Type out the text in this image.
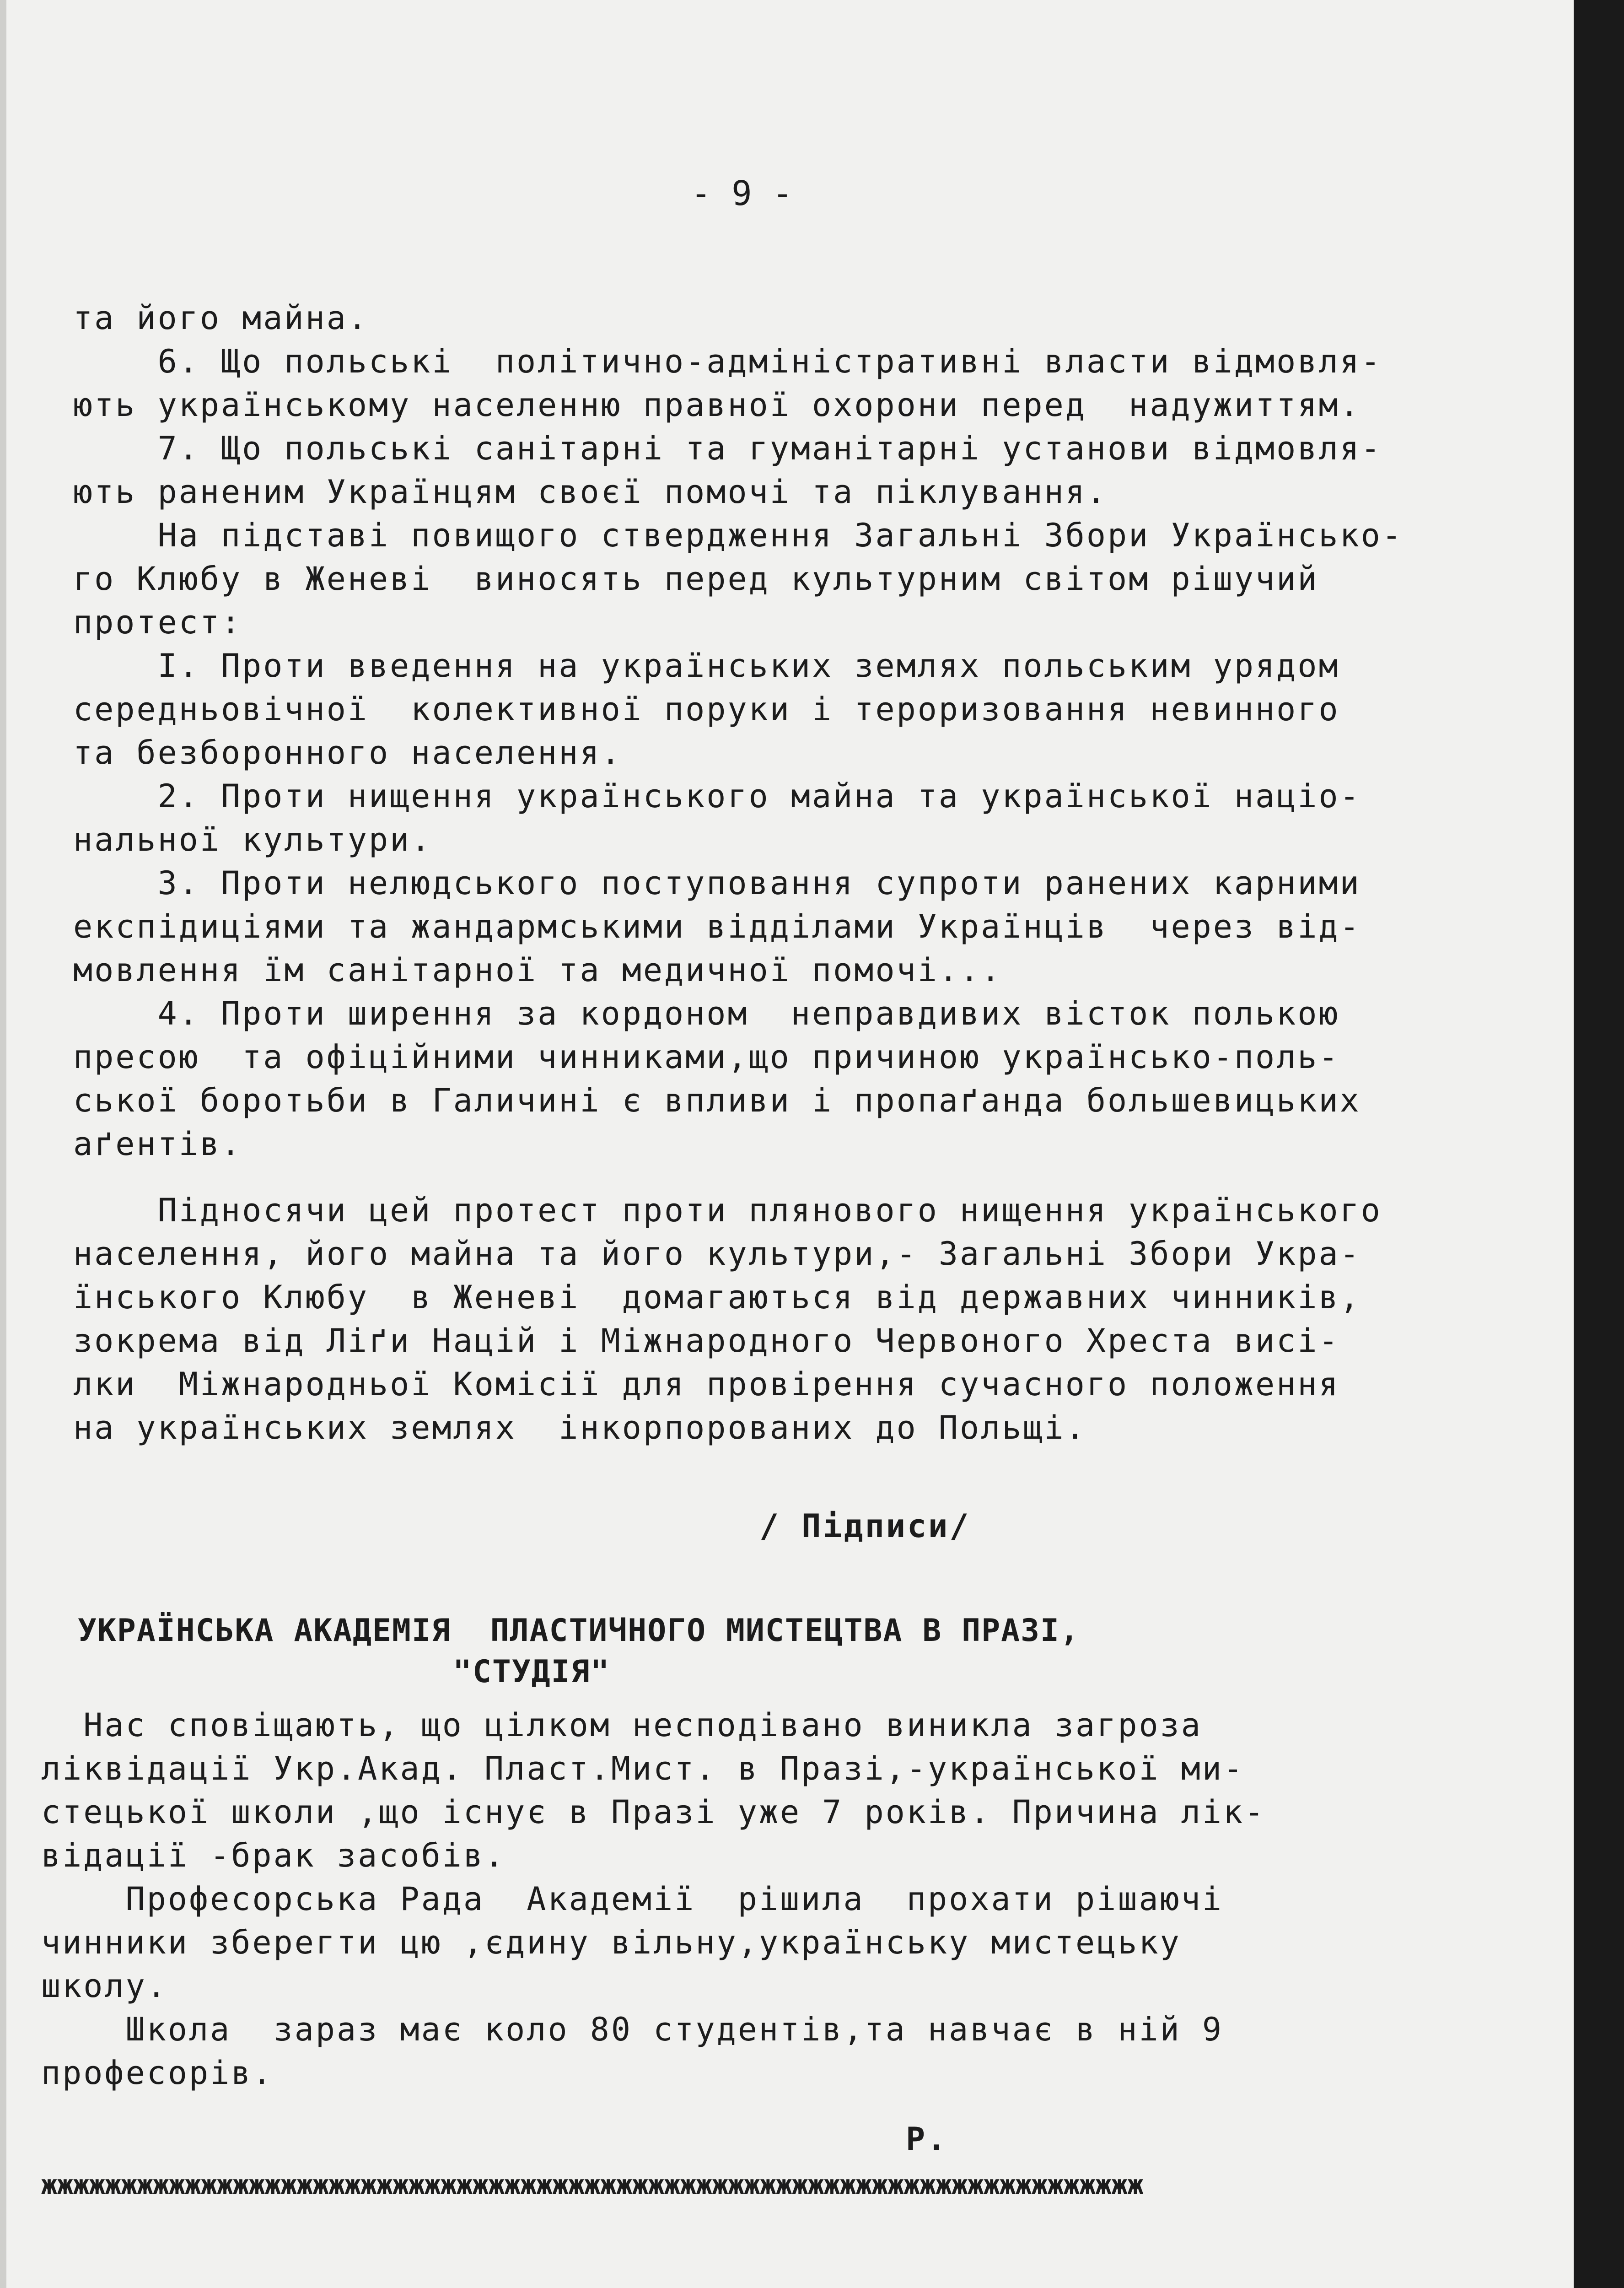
- 9 -
та його майна.
6. Що польські  політично-адміністративні власти відмовля-
ють українському населенню правної охорони перед  надужиттям.
7. Що польські санітарні та гуманітарні установи відмовля-
ють раненим Українцям своєї помочі та піклування.
На підставі повищого ствердження Загальні Збори Українсько-
го Клюбу в Женеві  виносять перед культурним світом рішучий
протест:
І. Проти введення на українських землях польським урядом
середньовічної  колективної поруки і тероризовання невинного
та безборонного населення.
2. Проти нищення українського майна та української націо-
нальної культури.
3. Проти нелюдського поступовання супроти ранених карними
експідиціями та жандармськими відділами Українців  через від-
мовлення їм санітарної та медичної помочі...
4. Проти ширення за кордоном  неправдивих вісток полькою
пресою  та офіційними чинниками,що причиною українсько-поль-
ської боротьби в Галичині є впливи і пропаґанда большевицьких
аґентів.
Підносячи цей протест проти плянового нищення українського
населення, його майна та його культури,- Загальні Збори Укра-
їнського Клюбу  в Женеві  домагаються від державних чинників,
зокрема від Ліґи Націй і Міжнародного Червоного Хреста висі-
лки  Міжнародньої Комісії для провірення сучасного положення
на українських землях  інкорпорованих до Польщі.
/ Підписи/
УКРАЇНСЬКА АКАДЕМІЯ  ПЛАСТИЧНОГО МИСТЕЦТВА В ПРАЗІ,
"СТУДІЯ"
Нас сповіщають, що цілком несподівано виникла загроза
ліквідації Укр.Акад. Пласт.Мист. в Празі,-української ми-
стецької школи ,що існує в Празі уже 7 років. Причина лік-
відації -брак засобів.
Професорська Рада  Академії  рішила  прохати рішаючі
чинники зберегти цю ,єдину вільну,українську мистецьку
школу.
Школа  зараз має коло 80 студентів,та навчає в ній 9
професорів.
Р.
жжжжжжжжжжжжжжжжжжжжжжжжжжжжжжжжжжжжжжжжжжжжжжжжжжжжжжжжжжжжжжжжжжжжж
